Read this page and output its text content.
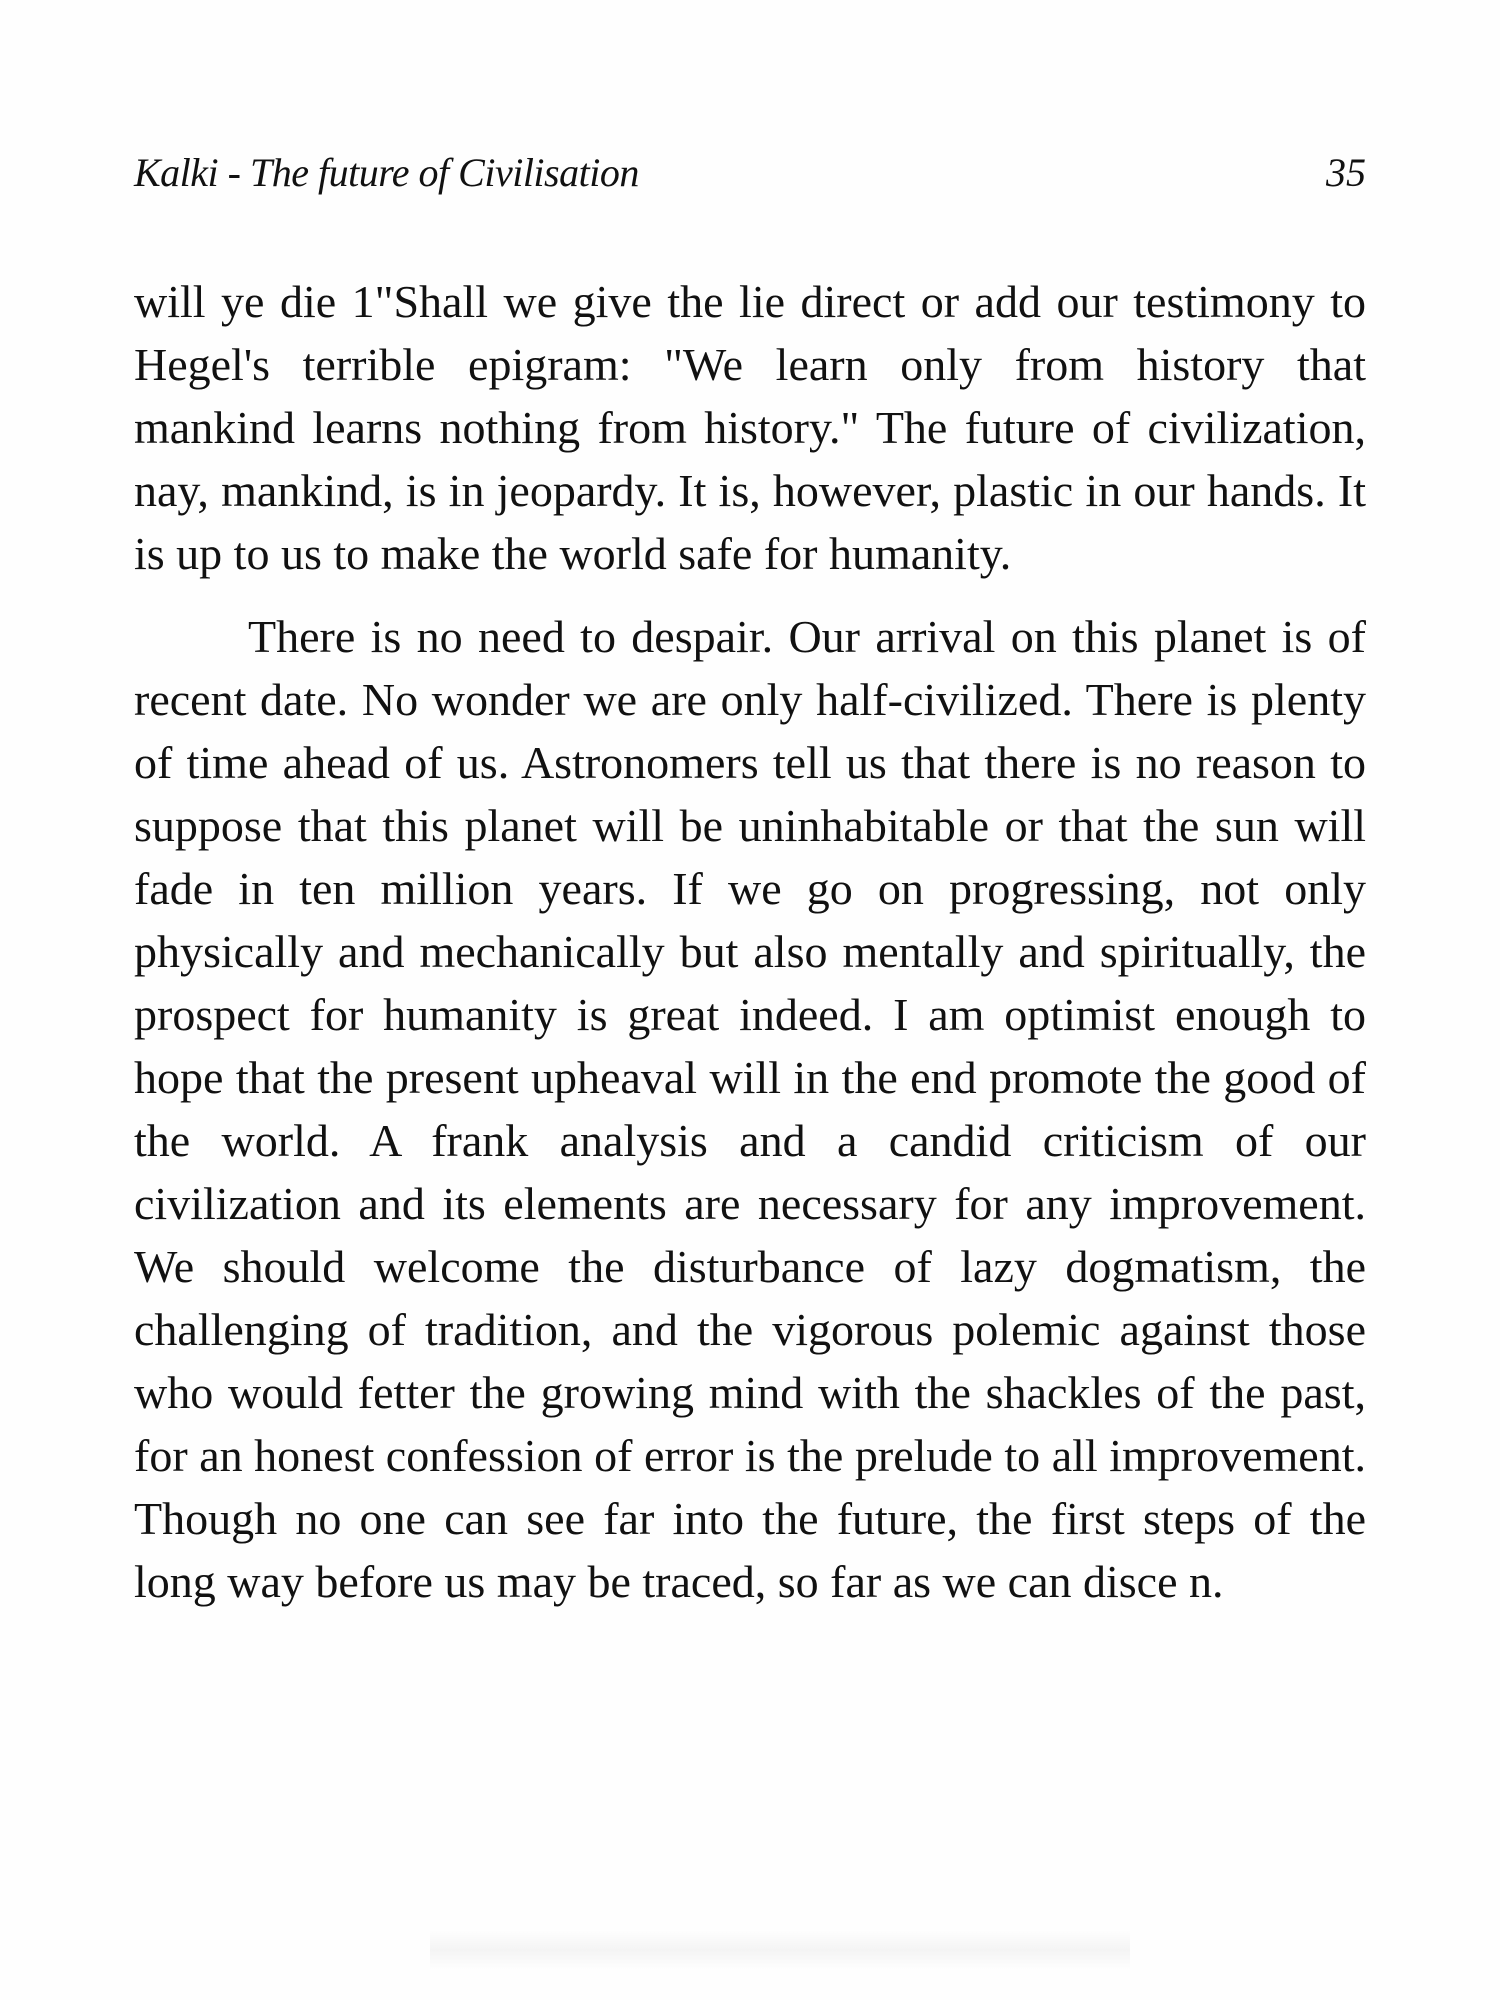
Kalki - The future of Civilisation	35

will ye die 1"Shall we give the lie direct or add our testimony to Hegel's terrible epigram: "We learn only from history that mankind learns nothing from history." The future of civilization, nay, mankind, is in jeopardy. It is, however, plastic in our hands. It is up to us to make the world safe for humanity.

There is no need to despair. Our arrival on this planet is of recent date. No wonder we are only half-civilized. There is plenty of time ahead of us. Astronomers tell us that there is no reason to suppose that this planet will be uninhabitable or that the sun will fade in ten million years. If we go on progressing, not only physically and mechanically but also mentally and spiritually, the prospect for humanity is great indeed. I am optimist enough to hope that the present upheaval will in the end promote the good of the world. A frank analysis and a candid criticism of our civilization and its elements are necessary for any improvement. We should welcome the disturbance of lazy dogmatism, the challenging of tradition, and the vigorous polemic against those who would fetter the growing mind with the shackles of the past, for an honest confession of error is the prelude to all improvement. Though no one can see far into the future, the first steps of the long way before us may be traced, so far as we can disce n.
